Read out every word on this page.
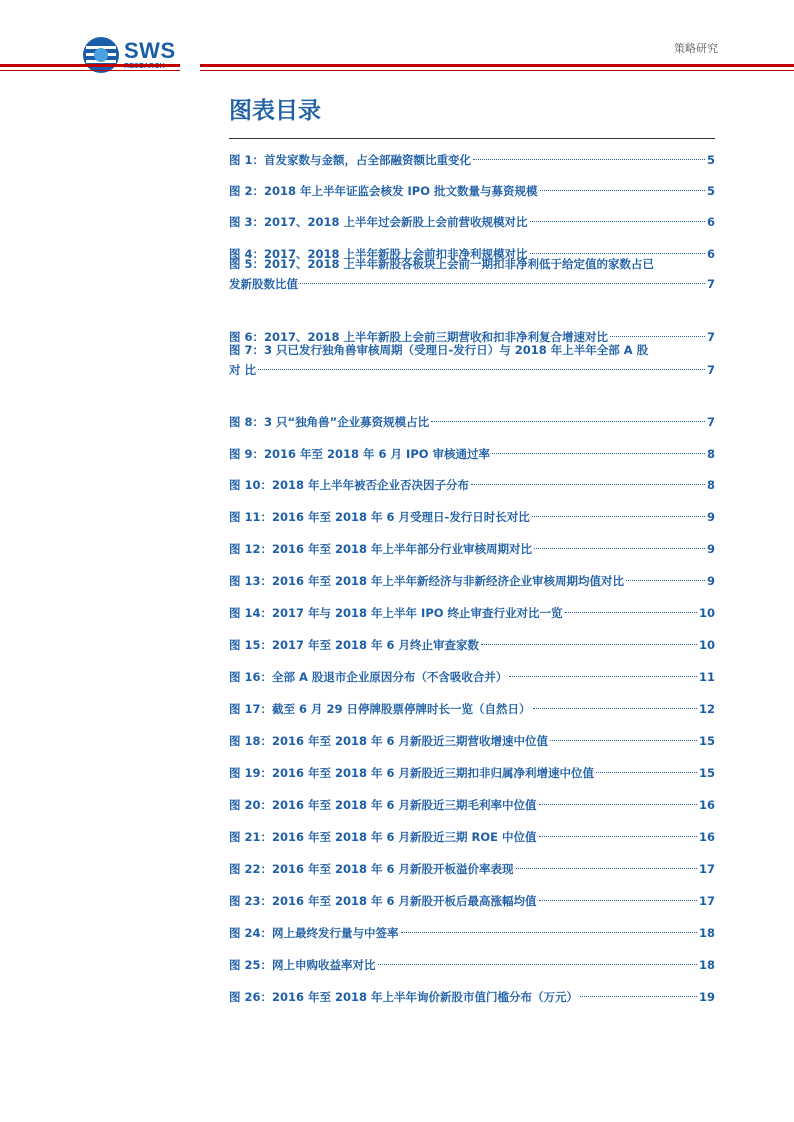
SWS	策略研究
图表目录
图 1：首发家数与金额，占全部融资额比重变化	5
图 2：2018 年上半年证监会核发 IPO 批文数量与募资规模	5
图 3：2017、2018 上半年过会新股上会前营收规模对比	6
图 4：2017、2018 上半年新股上会前扣非净利规模对比	6
图 5：2017、2018 上半年新股各板块上会前一期扣非净利低于给定值的家数占已
发新股数比值	7
图 6：2017、2018 上半年新股上会前三期营收和扣非净利复合增速对比	7
图 7：3 只已发行独角兽审核周期（受理日-发行日）与 2018 年上半年全部 A 股
对 比	7
图 8：3 只“独角兽”企业募资规模占比	7
图 9：2016 年至 2018 年 6 月 IPO 审核通过率	8
图 10：2018 年上半年被否企业否决因子分布	8
图 11：2016 年至 2018 年 6 月受理日-发行日时长对比	9
图 12：2016 年至 2018 年上半年部分行业审核周期对比	9
图 13：2016 年至 2018 年上半年新经济与非新经济企业审核周期均值对比	9
图 14：2017 年与 2018 年上半年 IPO 终止审查行业对比一览	10
图 15：2017 年至 2018 年 6 月终止审查家数	10
图 16：全部 A 股退市企业原因分布（不含吸收合并）	11
图 17：截至 6 月 29 日停牌股票停牌时长一览（自然日）	12
图 18：2016 年至 2018 年 6 月新股近三期营收增速中位值	15
图 19：2016 年至 2018 年 6 月新股近三期扣非归属净利增速中位值	15
图 20：2016 年至 2018 年 6 月新股近三期毛利率中位值	16
图 21：2016 年至 2018 年 6 月新股近三期 ROE 中位值	16
图 22：2016 年至 2018 年 6 月新股开板溢价率表现	17
图 23：2016 年至 2018 年 6 月新股开板后最高涨幅均值	17
图 24：网上最终发行量与中签率	18
图 25：网上申购收益率对比	18
图 26：2016 年至 2018 年上半年询价新股市值门槛分布（万元）	19
